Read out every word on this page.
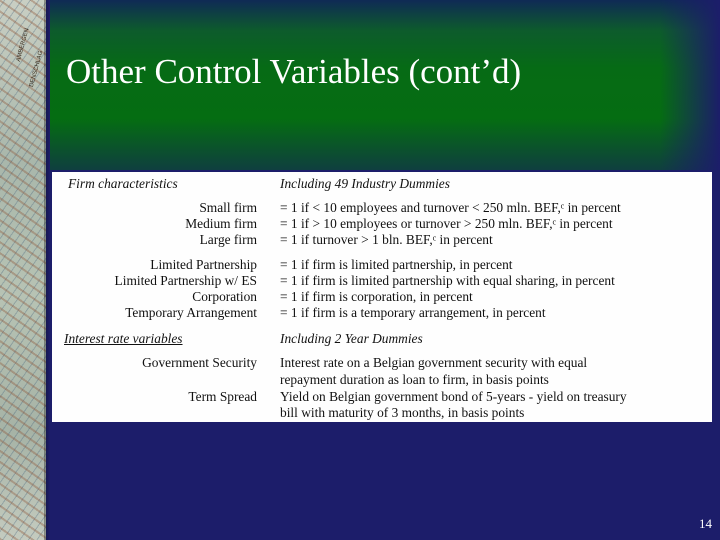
AMBERGEN
DENSCHLAG Other Control Variables (cont’d)
Firm characteristics	Including 49 Industry Dummies
Small firm = 1 if < 10 employees and turnover < 250 mln. BEF,ᶜ in percent
Medium firm = 1 if > 10 employees or turnover > 250 mln. BEF,ᶜ in percent
Large firm = 1 if turnover > 1 bln. BEF,ᶜ in percent
Limited Partnership = 1 if firm is limited partnership, in percent
Limited Partnership w/ ES = 1 if firm is limited partnership with equal sharing, in percent
Corporation = 1 if firm is corporation, in percent
Temporary Arrangement = 1 if firm is a temporary arrangement, in percent
Interest rate variables	Including 2 Year Dummies
Government Security Interest rate on a Belgian government security with equal
repayment duration as loan to firm, in basis points
Term Spread Yield on Belgian government bond of 5-years - yield on treasury
bill with maturity of 3 months, in basis points
14
